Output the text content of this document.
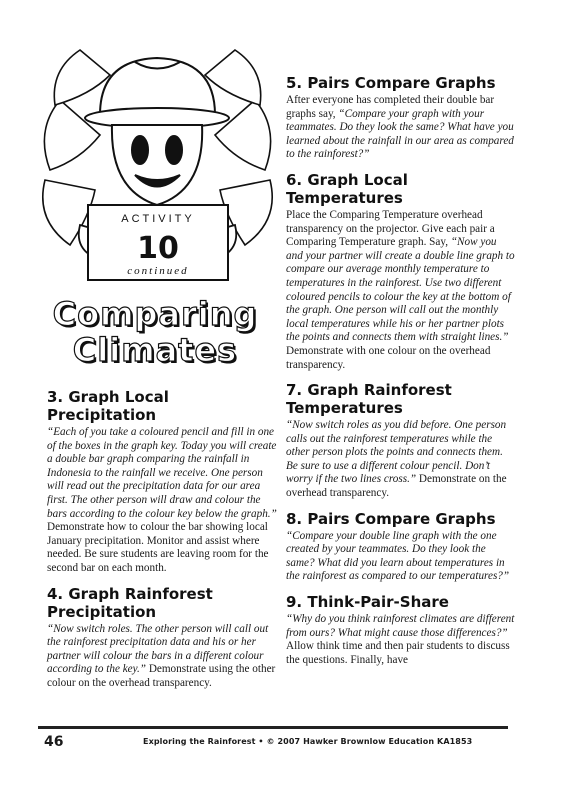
ACTIVITY
10
continued
Comparing
Climates
3. Graph Local Precipitation

“Each of you take a coloured pencil and fill in one of the boxes in the graph key. Today you will create a double bar graph comparing the rainfall in Indonesia to the rainfall we receive. One person will read out the precipitation data for our area first. The other person will draw and colour the bars according to the colour key below the graph.” Demonstrate how to colour the bar showing local January precipitation. Monitor and assist where needed. Be sure students are leaving room for the second bar on each month.

4. Graph Rainforest Precipitation

“Now switch roles. The other person will call out the rainforest precipitation data and his or her partner will colour the bars in a different colour according to the key.” Demonstrate using the other colour on the overhead transparency.

5. Pairs Compare Graphs

After everyone has completed their double bar graphs say, “Compare your graph with your teammates. Do they look the same? What have you learned about the rainfall in our area as compared to the rainforest?”

6. Graph Local Temperatures

Place the Comparing Temperature overhead transparency on the projector. Give each pair a Comparing Temperature graph. Say, “Now you and your partner will create a double line graph to compare our average monthly temperature to temperatures in the rainforest. Use two different coloured pencils to colour the key at the bottom of the graph. One person will call out the monthly local temperatures while his or her partner plots the points and connects them with straight lines.” Demonstrate with one colour on the overhead transparency.

7. Graph Rainforest Temperatures

“Now switch roles as you did before. One person calls out the rainforest temperatures while the other person plots the points and connects them. Be sure to use a different colour pencil. Don’t worry if the two lines cross.” Demonstrate on the overhead transparency.

8. Pairs Compare Graphs

“Compare your double line graph with the one created by your teammates. Do they look the same? What did you learn about temperatures in the rainforest as compared to our temperatures?”

9. Think-Pair-Share

“Why do you think rainforest climates are different from ours? What might cause those differences?” Allow think time and then pair students to discuss the questions. Finally, have

46	Exploring the Rainforest • © 2007 Hawker Brownlow Education KA1853
